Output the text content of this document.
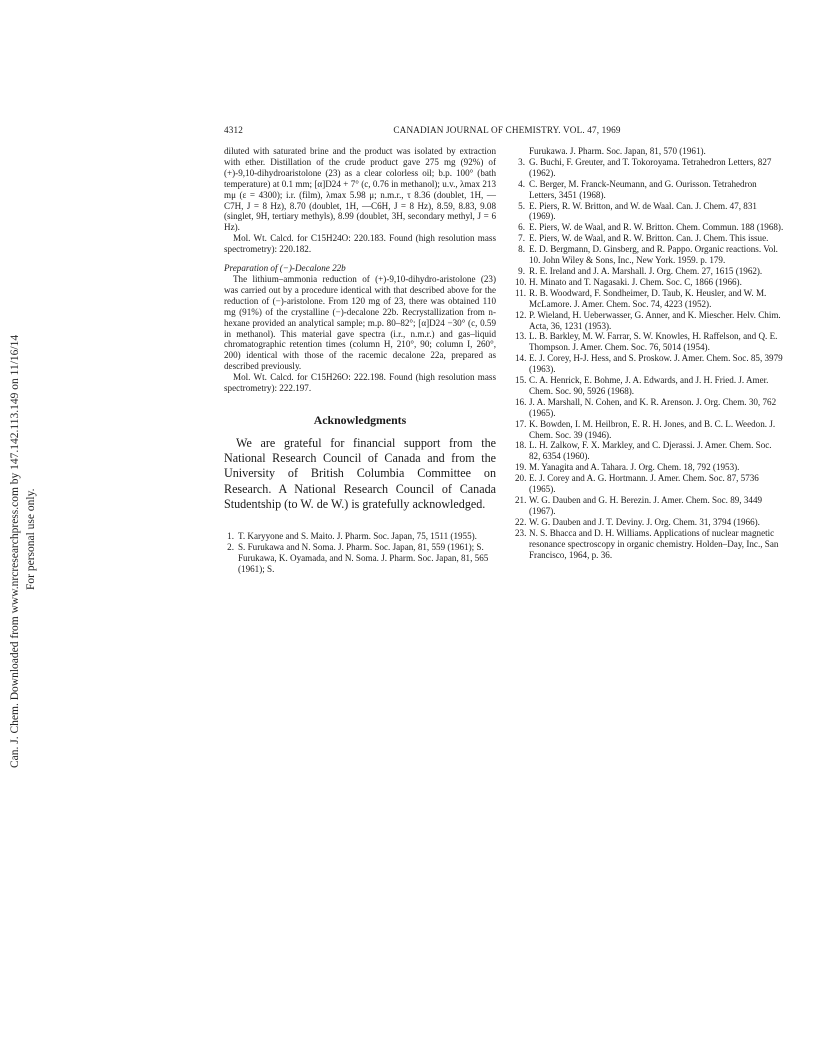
Can. J. Chem. Downloaded from www.nrcresearchpress.com by 147.142.113.149 on 11/16/14 For personal use only.
CANADIAN JOURNAL OF CHEMISTRY. VOL. 47, 1969
4312

diluted with saturated brine and the product was isolated by extraction with ether. Distillation of the crude product gave 275 mg (92%) of (+)-9,10-dihydroaristolone (23) as a clear colorless oil; b.p. 100° (bath temperature) at 0.1 mm; [α]D24 + 7° (c, 0.76 in methanol); u.v., λmax 213 mμ (ε = 4300); i.r. (film), λmax 5.98 μ; n.m.r., τ 8.36 (doublet, 1H, —C7H, J = 8 Hz), 8.70 (doublet, 1H, —C6H, J = 8 Hz), 8.59, 8.83, 9.08 (singlet, 9H, tertiary methyls), 8.99 (doublet, 3H, secondary methyl, J = 6 Hz).

Mol. Wt. Calcd. for C15H24O: 220.183. Found (high resolution mass spectrometry): 220.182.

Preparation of (−)-Decalone 22b

The lithium–ammonia reduction of (+)-9,10-dihydro-aristolone (23) was carried out by a procedure identical with that described above for the reduction of (−)-aristolone. From 120 mg of 23, there was obtained 110 mg (91%) of the crystalline (−)-decalone 22b. Recrystallization from n-hexane provided an analytical sample; m.p. 80–82°; [α]D24 −30° (c, 0.59 in methanol). This material gave spectra (i.r., n.m.r.) and gas–liquid chromatographic retention times (column H, 210°, 90; column I, 260°, 200) identical with those of the racemic decalone 22a, prepared as described previously.

Mol. Wt. Calcd. for C15H26O: 222.198. Found (high resolution mass spectrometry): 222.197.

Acknowledgments
We are grateful for financial support from the National Research Council of Canada and from the University of British Columbia Committee on Research. A National Research Council of Canada Studentship (to W. de W.) is gratefully acknowledged.
1. T. Karyyone and S. Maito. J. Pharm. Soc. Japan, 75, 1511 (1955).
2. S. Furukawa and N. Soma. J. Pharm. Soc. Japan, 81, 559 (1961); S. Furukawa, K. Oyamada, and N. Soma. J. Pharm. Soc. Japan, 81, 565 (1961); S.
Furukawa. J. Pharm. Soc. Japan, 81, 570 (1961).
3. G. Buchi, F. Greuter, and T. Tokoroyama. Tetrahedron Letters, 827 (1962).
4. C. Berger, M. Franck-Neumann, and G. Ourisson. Tetrahedron Letters, 3451 (1968).
5. E. Piers, R. W. Britton, and W. de Waal. Can. J. Chem. 47, 831 (1969).
6. E. Piers, W. de Waal, and R. W. Britton. Chem. Commun. 188 (1968).
7. E. Piers, W. de Waal, and R. W. Britton. Can. J. Chem. This issue.
8. E. D. Bergmann, D. Ginsberg, and R. Pappo. Organic reactions. Vol. 10. John Wiley & Sons, Inc., New York. 1959. p. 179.
9. R. E. Ireland and J. A. Marshall. J. Org. Chem. 27, 1615 (1962).
10. H. Minato and T. Nagasaki. J. Chem. Soc. C, 1866 (1966).
11. R. B. Woodward, F. Sondheimer, D. Taub, K. Heusler, and W. M. McLamore. J. Amer. Chem. Soc. 74, 4223 (1952).
12. P. Wieland, H. Ueberwasser, G. Anner, and K. Miescher. Helv. Chim. Acta, 36, 1231 (1953).
13. L. B. Barkley, M. W. Farrar, S. W. Knowles, H. Raffelson, and Q. E. Thompson. J. Amer. Chem. Soc. 76, 5014 (1954).
14. E. J. Corey, H-J. Hess, and S. Proskow. J. Amer. Chem. Soc. 85, 3979 (1963).
15. C. A. Henrick, E. Bohme, J. A. Edwards, and J. H. Fried. J. Amer. Chem. Soc. 90, 5926 (1968).
16. J. A. Marshall, N. Cohen, and K. R. Arenson. J. Org. Chem. 30, 762 (1965).
17. K. Bowden, I. M. Heilbron, E. R. H. Jones, and B. C. L. Weedon. J. Chem. Soc. 39 (1946).
18. L. H. Zalkow, F. X. Markley, and C. Djerassi. J. Amer. Chem. Soc. 82, 6354 (1960).
19. M. Yanagita and A. Tahara. J. Org. Chem. 18, 792 (1953).
20. E. J. Corey and A. G. Hortmann. J. Amer. Chem. Soc. 87, 5736 (1965).
21. W. G. Dauben and G. H. Berezin. J. Amer. Chem. Soc. 89, 3449 (1967).
22. W. G. Dauben and J. T. Deviny. J. Org. Chem. 31, 3794 (1966).
23. N. S. Bhacca and D. H. Williams. Applications of nuclear magnetic resonance spectroscopy in organic chemistry. Holden–Day, Inc., San Francisco, 1964, p. 36.
